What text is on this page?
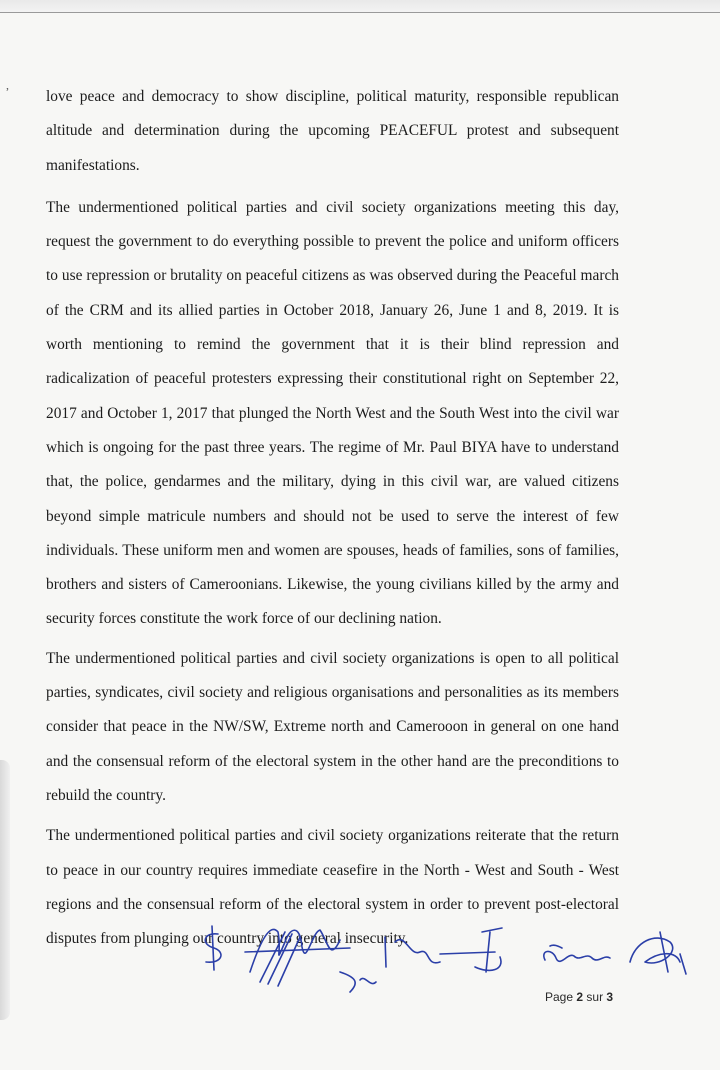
,

love peace and democracy to show discipline, political maturity, responsible republican altitude and determination during the upcoming PEACEFUL protest and subsequent manifestations.

The undermentioned political parties and civil society organizations meeting this day, request the government to do everything possible to prevent the police and uniform officers to use repression or brutality on peaceful citizens as was observed during the Peaceful march of the CRM and its allied parties in October 2018, January 26, June 1 and 8, 2019. It is worth mentioning to remind the government that it is their blind repression and radicalization of peaceful protesters expressing their constitutional right on September 22, 2017 and October 1, 2017 that plunged the North West and the South West into the civil war which is ongoing for the past three years. The regime of Mr. Paul BIYA have to understand that, the police, gendarmes and the military, dying in this civil war, are valued citizens beyond simple matricule numbers and should not be used to serve the interest of few individuals. These uniform men and women are spouses, heads of families, sons of families, brothers and sisters of Cameroonians. Likewise, the young civilians killed by the army and security forces constitute the work force of our declining nation.

The undermentioned political parties and civil society organizations is open to all political parties, syndicates, civil society and religious organisations and personalities as its members consider that peace in the NW/SW, Extreme north and Camerooon in general on one hand and the consensual reform of the electoral system in the other hand are the preconditions to rebuild the country.

The undermentioned political parties and civil society organizations reiterate that the return to peace in our country requires immediate ceasefire in the North - West and South - West regions and the consensual reform of the electoral system in order to prevent post-electoral disputes from plunging our country into general insecurity.

Page 2 sur 3
